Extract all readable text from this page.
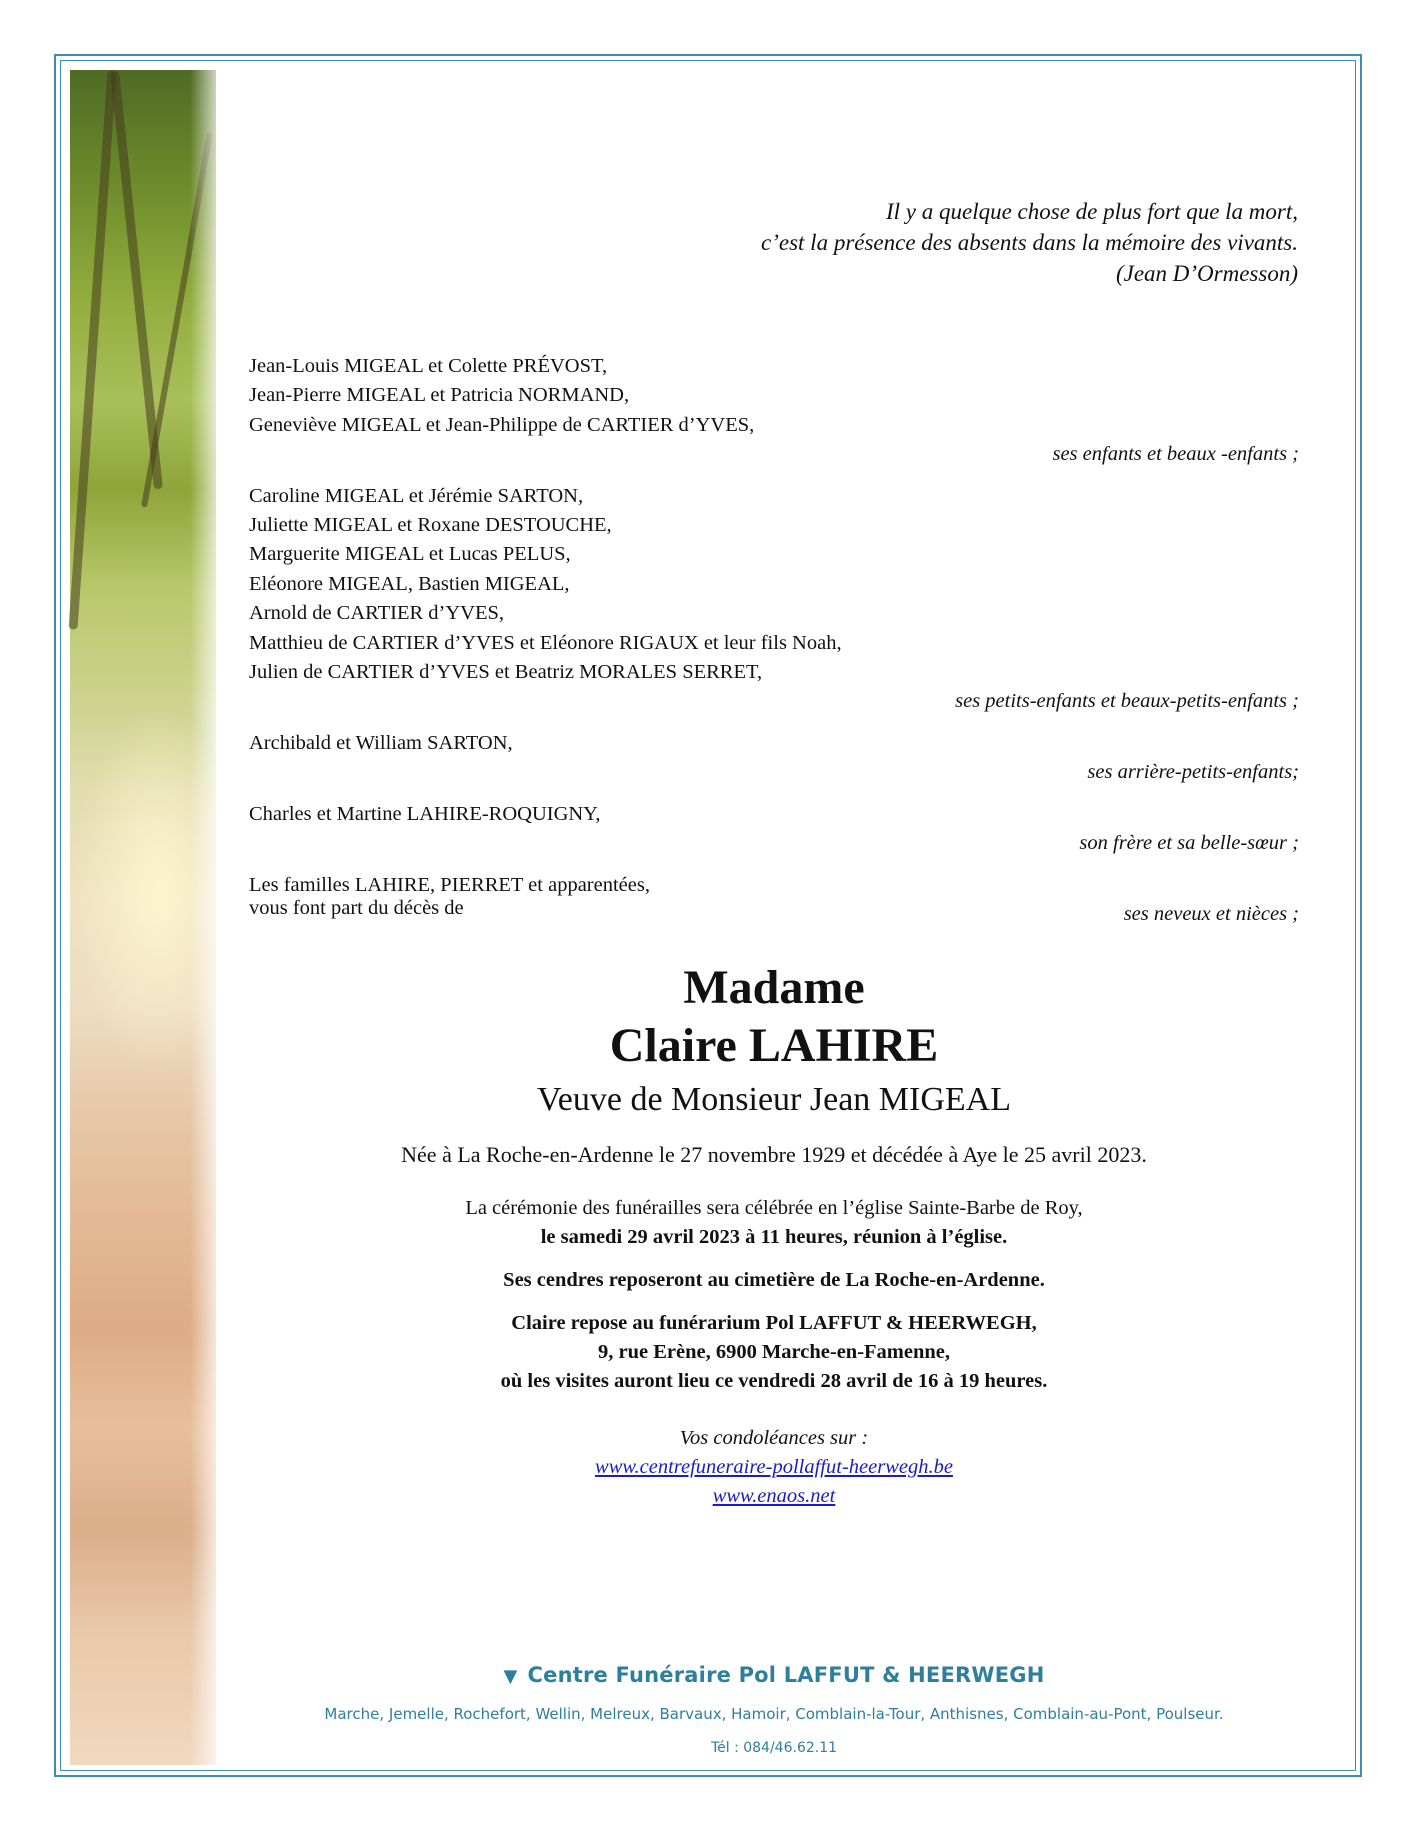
Il y a quelque chose de plus fort que la mort,
c’est la présence des absents dans la mémoire des vivants.
(Jean D’Ormesson)
Jean-Louis MIGEAL et Colette PRÉVOST,
Jean-Pierre MIGEAL et Patricia NORMAND,
Geneviève MIGEAL et Jean-Philippe de CARTIER d’YVES,
ses enfants et beaux -enfants ;
Caroline MIGEAL et Jérémie SARTON,
Juliette MIGEAL et Roxane DESTOUCHE,
Marguerite MIGEAL et Lucas PELUS,
Eléonore MIGEAL, Bastien MIGEAL,
Arnold de CARTIER d’YVES,
Matthieu de CARTIER d’YVES et Eléonore RIGAUX et leur fils Noah,
Julien de CARTIER d’YVES et Beatriz MORALES SERRET,
ses petits-enfants et beaux-petits-enfants ;
Archibald et William SARTON,
ses arrière-petits-enfants;
Charles et Martine LAHIRE-ROQUIGNY,
son frère et sa belle-sœur ;
Les familles LAHIRE, PIERRET et apparentées,
ses neveux et nièces ;
vous font part du décès de
Madame
Claire LAHIRE
Veuve de Monsieur Jean MIGEAL
Née à La Roche-en-Ardenne le 27 novembre 1929 et décédée à Aye le 25 avril 2023.
La cérémonie des funérailles sera célébrée en l’église Sainte-Barbe de Roy,
le samedi 29 avril 2023 à 11 heures, réunion à l’église.
Ses cendres reposeront au cimetière de La Roche-en-Ardenne.
Claire repose au funérarium Pol LAFFUT & HEERWEGH,
9, rue Erène, 6900 Marche-en-Famenne,
où les visites auront lieu ce vendredi 28 avril de 16 à 19 heures.
Vos condoléances sur :
www.centrefuneraire-pollaffut-heerwegh.be
www.enaos.net
▼ Centre Funéraire Pol LAFFUT & HEERWEGH
Marche, Jemelle, Rochefort, Wellin, Melreux, Barvaux, Hamoir, Comblain-la-Tour, Anthisnes, Comblain-au-Pont, Poulseur.
Tél : 084/46.62.11
